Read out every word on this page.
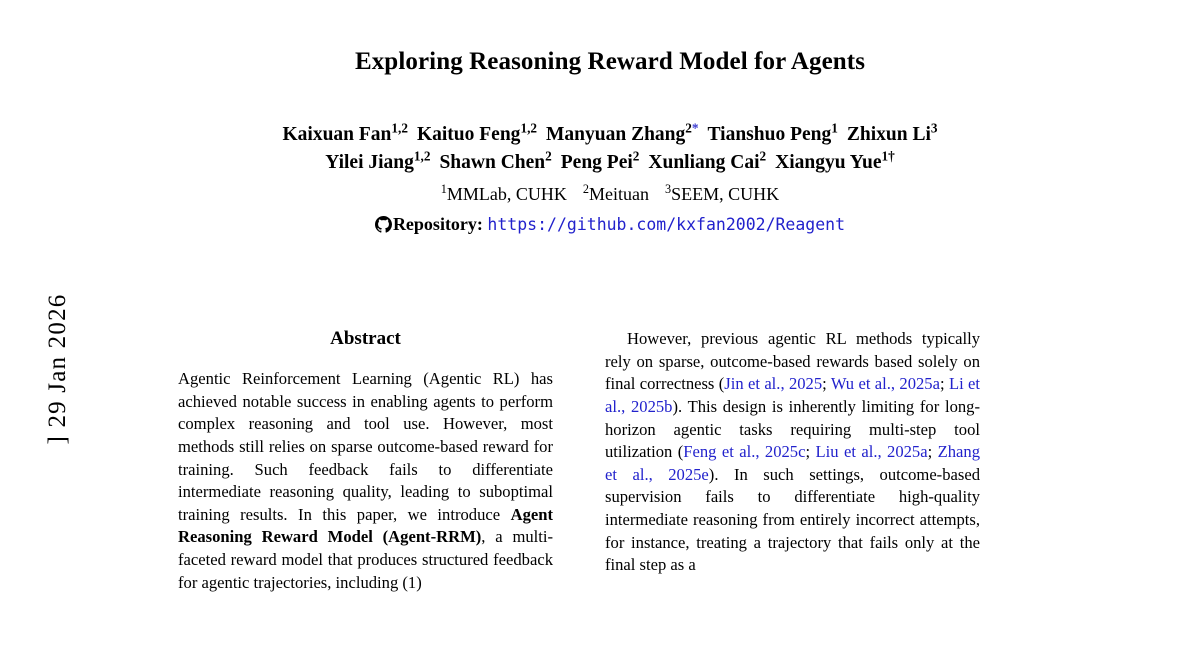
] 29 Jan 2026
Exploring Reasoning Reward Model for Agents
Kaixuan Fan$^{1,2}$ Kaituo Feng$^{1,2}$ Manyuan Zhang$^{2*}$ Tianshuo Peng$^1$ Zhixun Li$^3$
Yilei Jiang$^{1,2}$ Shawn Chen$^2$ Peng Pei$^2$ Xunliang Cai$^2$ Xiangyu Yue$^{1\dagger}$
$^1$MMLab, CUHK $^2$Meituan $^3$SEEM, CUHK
Repository: https://github.com/kxfan2002/Reagent
Abstract

Agentic Reinforcement Learning (Agentic RL) has achieved notable success in enabling agents to perform complex reasoning and tool use. However, most methods still relies on sparse outcome-based reward for training. Such feedback fails to differentiate intermediate reasoning quality, leading to suboptimal training results. In this paper, we introduce Agent Reasoning Reward Model (Agent-RRM), a multi-faceted reward model that produces structured feedback for agentic trajectories, including (1)

However, previous agentic RL methods typically rely on sparse, outcome-based rewards based solely on final correctness (Jin et al., 2025; Wu et al., 2025a; Li et al., 2025b). This design is inherently limiting for long-horizon agentic tasks requiring multi-step tool utilization (Feng et al., 2025c; Liu et al., 2025a; Zhang et al., 2025e). In such settings, outcome-based supervision fails to differentiate high-quality intermediate reasoning from entirely incorrect attempts, for instance, treating a trajectory that fails only at the final step as a
